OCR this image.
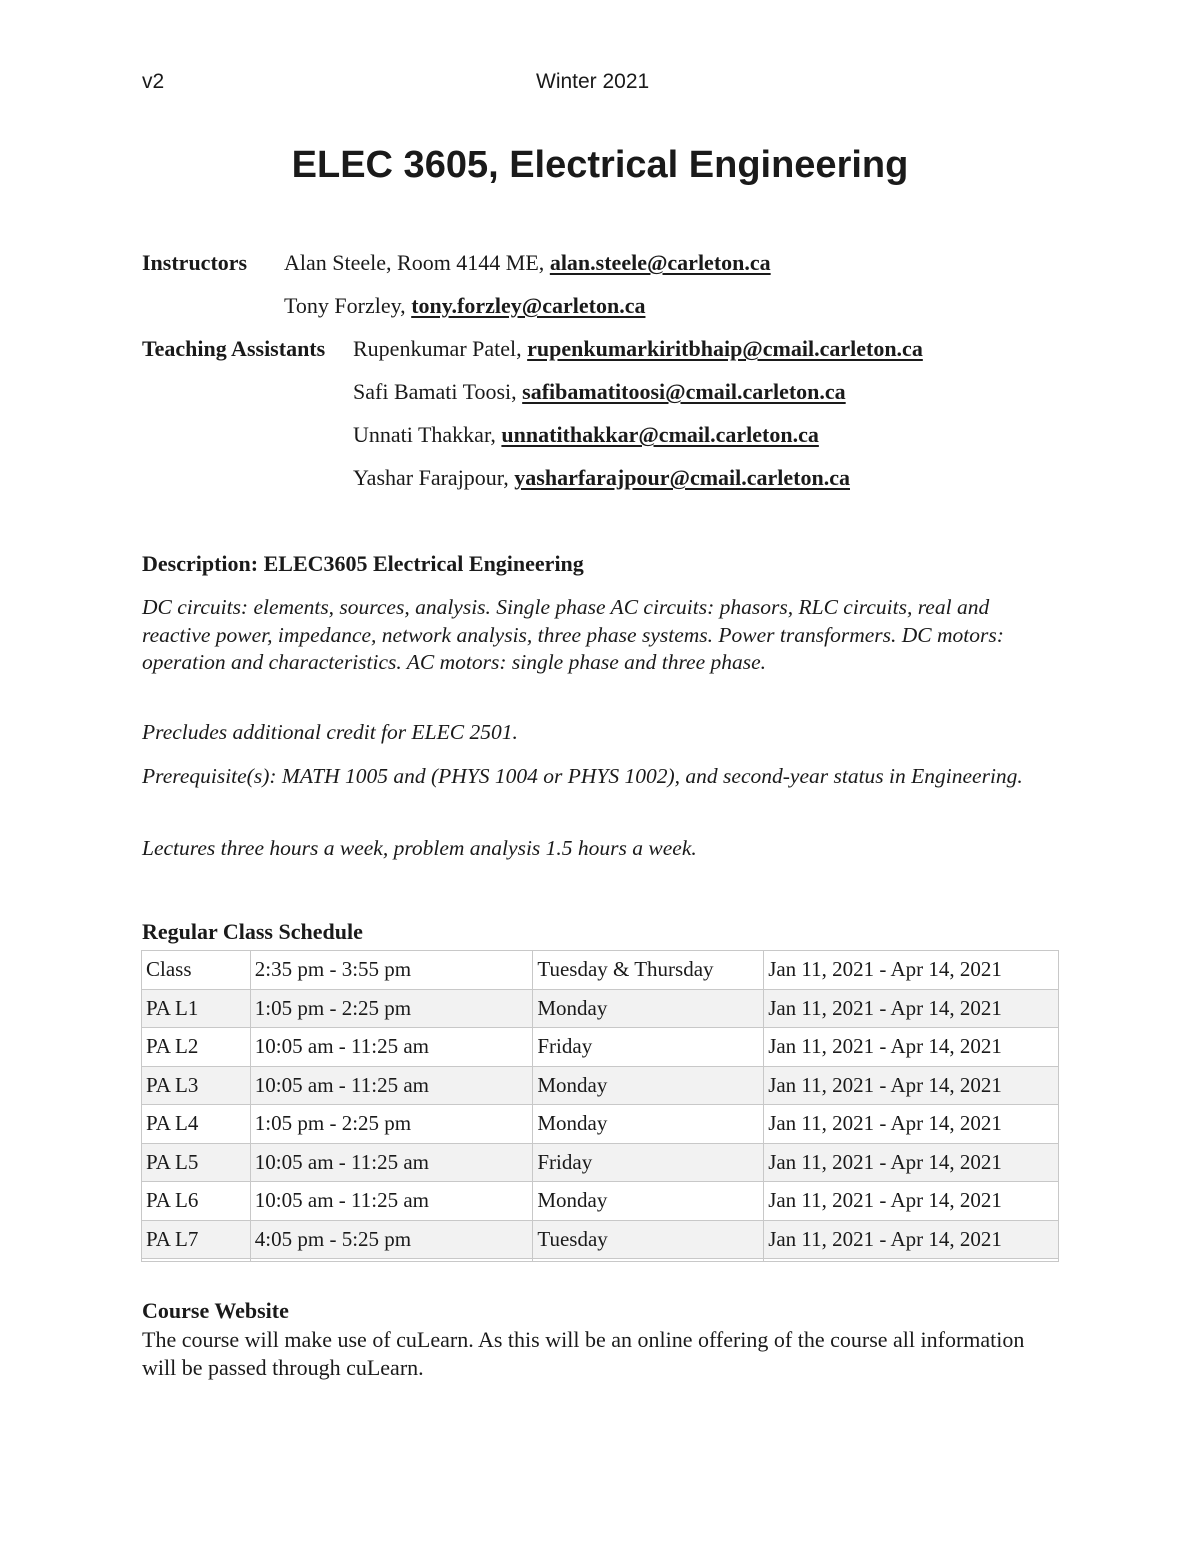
v2	Winter 2021
ELEC 3605, Electrical Engineering
Instructors Alan Steele, Room 4144 ME, alan.steele@carleton.ca
Tony Forzley, tony.forzley@carleton.ca
Teaching Assistants Rupenkumar Patel, rupenkumarkiritbhaip@cmail.carleton.ca
Safi Bamati Toosi, safibamatitoosi@cmail.carleton.ca
Unnati Thakkar, unnatithakkar@cmail.carleton.ca
Yashar Farajpour, yasharfarajpour@cmail.carleton.ca
Description: ELEC3605 Electrical Engineering

DC circuits: elements, sources, analysis. Single phase AC circuits: phasors, RLC circuits, real and reactive power, impedance, network analysis, three phase systems. Power transformers. DC motors: operation and characteristics. AC motors: single phase and three phase.

Precludes additional credit for ELEC 2501.

Prerequisite(s): MATH 1005 and (PHYS 1004 or PHYS 1002), and second-year status in Engineering.

Lectures three hours a week, problem analysis 1.5 hours a week.

Regular Class Schedule
Class	2:35 pm - 3:55 pm	Tuesday & Thursday	Jan 11, 2021 - Apr 14, 2021
PA L1	1:05 pm - 2:25 pm	Monday	Jan 11, 2021 - Apr 14, 2021
PA L2	10:05 am - 11:25 am	Friday	Jan 11, 2021 - Apr 14, 2021
PA L3	10:05 am - 11:25 am	Monday	Jan 11, 2021 - Apr 14, 2021
PA L4	1:05 pm - 2:25 pm	Monday	Jan 11, 2021 - Apr 14, 2021
PA L5	10:05 am - 11:25 am	Friday	Jan 11, 2021 - Apr 14, 2021
PA L6	10:05 am - 11:25 am	Monday	Jan 11, 2021 - Apr 14, 2021
PA L7	4:05 pm - 5:25 pm	Tuesday	Jan 11, 2021 - Apr 14, 2021

Course Website

The course will make use of cuLearn. As this will be an online offering of the course all information will be passed through cuLearn.
